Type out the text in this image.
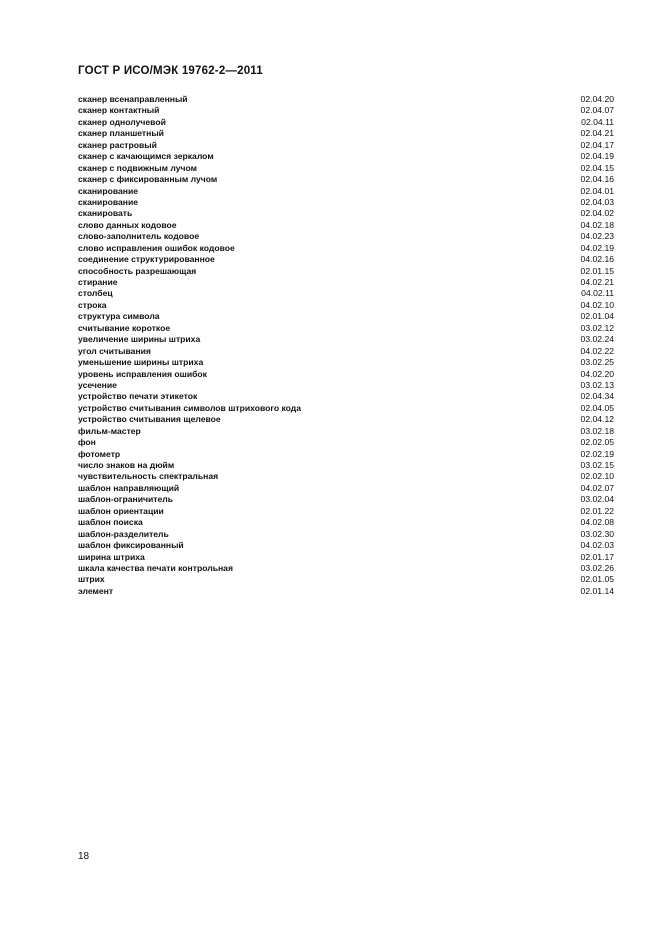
ГОСТ Р ИСО/МЭК 19762-2—2011
сканер всенаправленный	02.04.20
сканер контактный	02.04.07
сканер однолучевой	02.04.11
сканер планшетный	02.04.21
сканер растровый	02.04.17
сканер с качающимся зеркалом	02.04.19
сканер с подвижным лучом	02.04.15
сканер с фиксированным лучом	02.04.16
сканирование	02.04.01
сканирование	02.04.03
сканировать	02.04.02
слово данных кодовое	04.02.18
слово-заполнитель кодовое	04.02.23
слово исправления ошибок кодовое	04.02.19
соединение структурированное	04.02.16
способность разрешающая	02.01.15
стирание	04.02.21
столбец	04.02.11
строка	04.02.10
структура символа	02.01.04
считывание короткое	03.02.12
увеличение ширины штриха	03.02.24
угол считывания	04.02.22
уменьшение ширины штриха	03.02.25
уровень исправления ошибок	04.02.20
усечение	03.02.13
устройство печати этикеток	02.04.34
устройство считывания символов штрихового кода	02.04.05
устройство считывания щелевое	02.04.12
фильм-мастер	03.02.18
фон	02.02.05
фотометр	02.02.19
число знаков на дюйм	03.02.15
чувствительность спектральная	02.02.10
шаблон направляющий	04.02.07
шаблон-ограничитель	03.02.04
шаблон ориентации	02.01.22
шаблон поиска	04.02.08
шаблон-разделитель	03.02.30
шаблон фиксированный	04.02.03
ширина штриха	02.01.17
шкала качества печати контрольная	03.02.26
штрих	02.01.05
элемент	02.01.14
18
